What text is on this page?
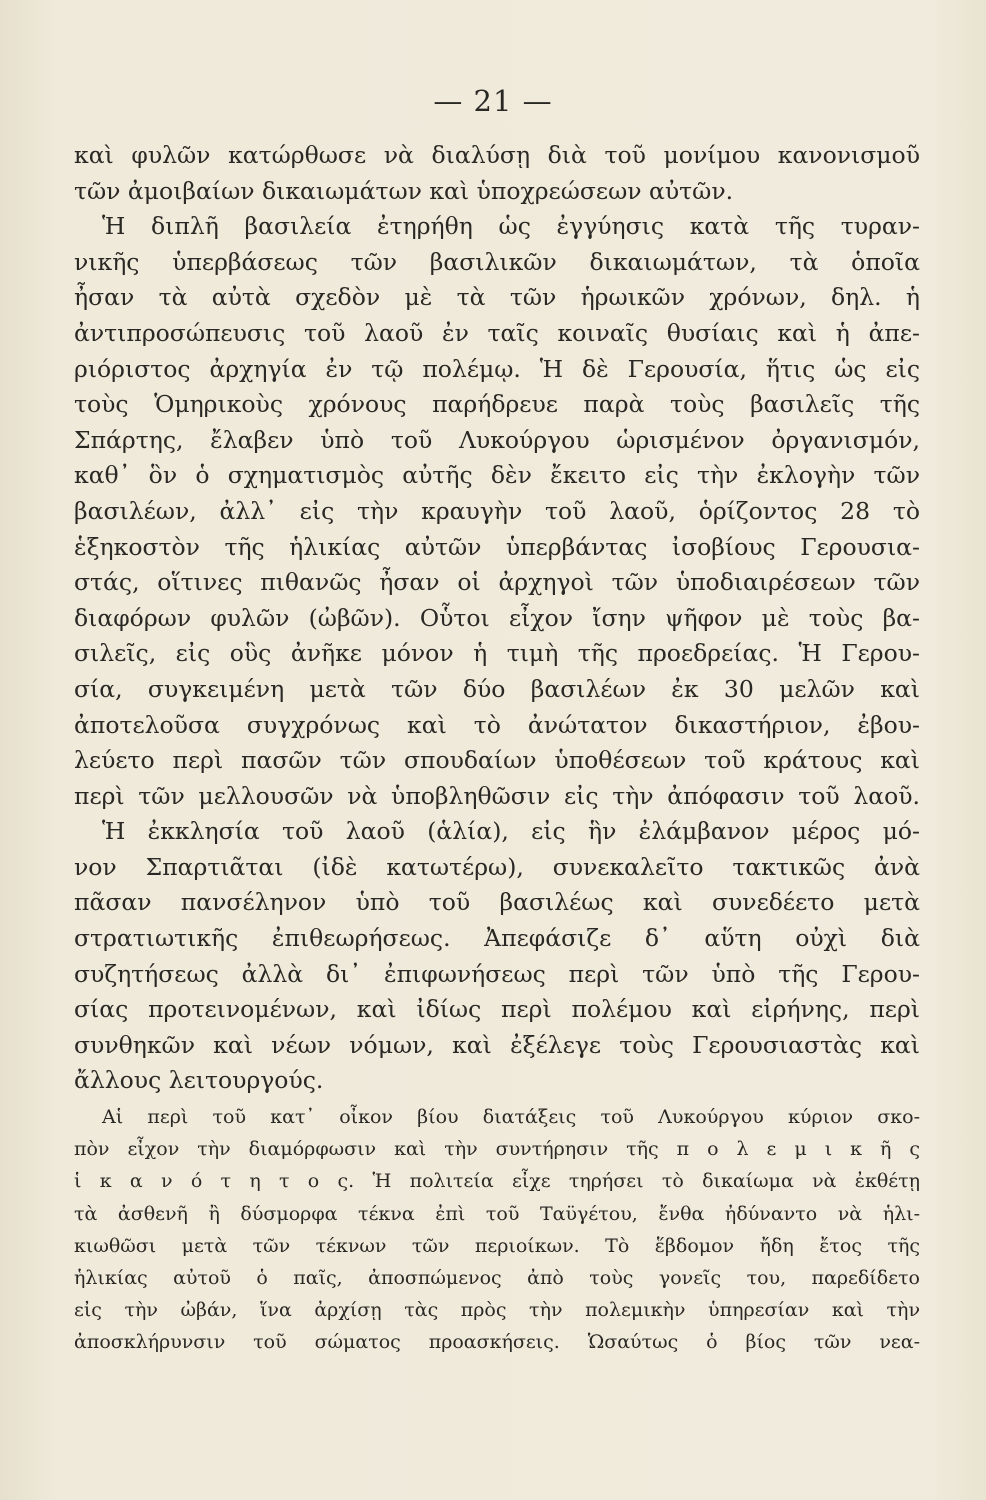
— 21 —
καὶ φυλῶν κατώρθωσε νὰ διαλύσῃ διὰ τοῦ μονίμου κανονισμοῦ
τῶν ἀμοιβαίων δικαιωμάτων καὶ ὑποχρεώσεων αὐτῶν.
Ἡ διπλῆ βασιλεία ἐτηρήθη ὡς ἐγγύησις κατὰ τῆς τυραν-
νικῆς ὑπερβάσεως τῶν βασιλικῶν δικαιωμάτων, τὰ ὁποῖα
ἦσαν τὰ αὐτὰ σχεδὸν μὲ τὰ τῶν ἡρωικῶν χρόνων, δηλ. ἡ
ἀντιπροσώπευσις τοῦ λαοῦ ἐν ταῖς κοιναῖς θυσίαις καὶ ἡ ἀπε-
ριόριστος ἀρχηγία ἐν τῷ πολέμῳ. Ἡ δὲ Γερουσία, ἥτις ὡς εἰς
τοὺς Ὁμηρικοὺς χρόνους παρήδρευε παρὰ τοὺς βασιλεῖς τῆς
Σπάρτης, ἔλαβεν ὑπὸ τοῦ Λυκούργου ὡρισμένον ὀργανισμόν,
καθ᾽ ὃν ὁ σχηματισμὸς αὐτῆς δὲν ἔκειτο εἰς τὴν ἐκλογὴν τῶν
βασιλέων, ἀλλ᾽ εἰς τὴν κραυγὴν τοῦ λαοῦ, ὁρίζοντος 28 τὸ
ἑξηκοστὸν τῆς ἡλικίας αὐτῶν ὑπερβάντας ἰσοβίους Γερουσια-
στάς, οἵτινες πιθανῶς ἦσαν οἱ ἀρχηγοὶ τῶν ὑποδιαιρέσεων τῶν
διαφόρων φυλῶν (ὠβῶν). Οὗτοι εἶχον ἴσην ψῆφον μὲ τοὺς βα-
σιλεῖς, εἰς οὓς ἀνῆκε μόνον ἡ τιμὴ τῆς προεδρείας. Ἡ Γερου-
σία, συγκειμένη μετὰ τῶν δύο βασιλέων ἐκ 30 μελῶν καὶ
ἀποτελοῦσα συγχρόνως καὶ τὸ ἀνώτατον δικαστήριον, ἐβου-
λεύετο περὶ πασῶν τῶν σπουδαίων ὑποθέσεων τοῦ κράτους καὶ
περὶ τῶν μελλουσῶν νὰ ὑποβληθῶσιν εἰς τὴν ἀπόφασιν τοῦ λαοῦ.
Ἡ ἐκκλησία τοῦ λαοῦ (ἁλία), εἰς ἣν ἐλάμβανον μέρος μό-
νον Σπαρτιᾶται (ἰδὲ κατωτέρω), συνεκαλεῖτο τακτικῶς ἀνὰ
πᾶσαν πανσέληνον ὑπὸ τοῦ βασιλέως καὶ συνεδέετο μετὰ
στρατιωτικῆς ἐπιθεωρήσεως. Ἀπεφάσιζε δ᾽ αὕτη οὐχὶ διὰ
συζητήσεως ἀλλὰ δι᾽ ἐπιφωνήσεως περὶ τῶν ὑπὸ τῆς Γερου-
σίας προτεινομένων, καὶ ἰδίως περὶ πολέμου καὶ εἰρήνης, περὶ
συνθηκῶν καὶ νέων νόμων, καὶ ἐξέλεγε τοὺς Γερουσιαστὰς καὶ
ἄλλους λειτουργούς.
Αἱ περὶ τοῦ κατ᾽ οἶκον βίου διατάξεις τοῦ Λυκούργου κύριον σκο-
πὸν εἶχον τὴν διαμόρφωσιν καὶ τὴν συντήρησιν τῆς π ο λ ε μ ι κ ῆ ς
ἱ κ α ν ό τ η τ ο ς. Ἡ πολιτεία εἶχε τηρήσει τὸ δικαίωμα νὰ ἐκθέτῃ
τὰ ἀσθενῆ ἢ δύσμορφα τέκνα ἐπὶ τοῦ Ταϋγέτου, ἔνθα ἠδύναντο νὰ ἡλι-
κιωθῶσι μετὰ τῶν τέκνων τῶν περιοίκων. Τὸ ἕβδομον ἤδη ἔτος τῆς
ἡλικίας αὐτοῦ ὁ παῖς, ἀποσπώμενος ἀπὸ τοὺς γονεῖς του, παρεδίδετο
εἰς τὴν ὠβάν, ἵνα ἀρχίσῃ τὰς πρὸς τὴν πολεμικὴν ὑπηρεσίαν καὶ τὴν
ἀποσκλήρυνσιν τοῦ σώματος προασκήσεις. Ὡσαύτως ὁ βίος τῶν νεα-
